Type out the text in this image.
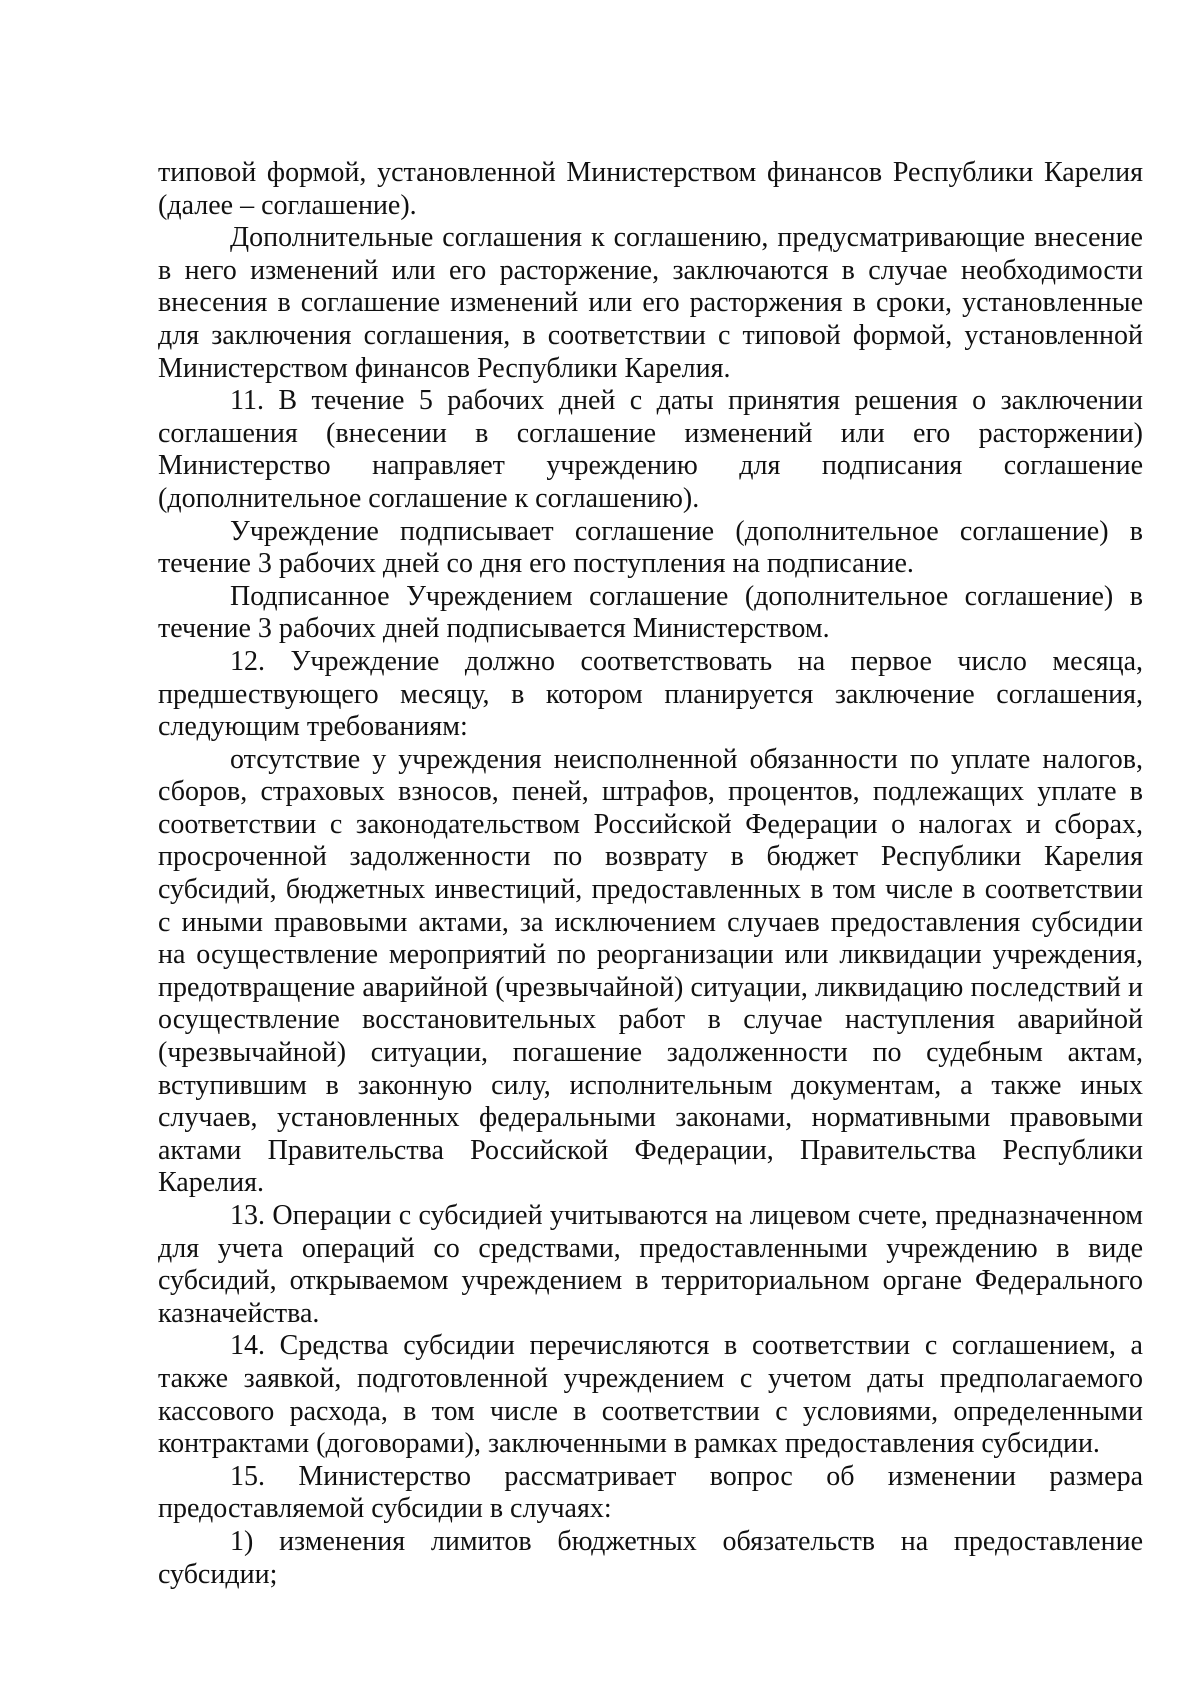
типовой формой, установленной Министерством финансов Республики Карелия (далее – соглашение).

Дополнительные соглашения к соглашению, предусматривающие внесение в него изменений или его расторжение, заключаются в случае необходимости внесения в соглашение изменений или его расторжения в сроки, установленные для заключения соглашения, в соответствии с типовой формой, установленной Министерством финансов Республики Карелия.

11. В течение 5 рабочих дней с даты принятия решения о заключении соглашения (внесении в соглашение изменений или его расторжении) Министерство направляет учреждению для подписания соглашение (дополнительное соглашение к соглашению).

Учреждение подписывает соглашение (дополнительное соглашение) в течение 3 рабочих дней со дня его поступления на подписание.

Подписанное Учреждением соглашение (дополнительное соглашение) в течение 3 рабочих дней подписывается Министерством.

12. Учреждение должно соответствовать на первое число месяца, предшествующего месяцу, в котором планируется заключение соглашения, следующим требованиям:

отсутствие у учреждения неисполненной обязанности по уплате налогов, сборов, страховых взносов, пеней, штрафов, процентов, подлежащих уплате в соответствии с законодательством Российской Федерации о налогах и сборах, просроченной задолженности по возврату в бюджет Республики Карелия субсидий, бюджетных инвестиций, предоставленных в том числе в соответствии с иными правовыми актами, за исключением случаев предоставления субсидии на осуществление мероприятий по реорганизации или ликвидации учреждения, предотвращение аварийной (чрезвычайной) ситуации, ликвидацию последствий и осуществление восстановительных работ в случае наступления аварийной (чрезвычайной) ситуации, погашение задолженности по судебным актам, вступившим в законную силу, исполнительным документам, а также иных случаев, установленных федеральными законами, нормативными правовыми актами Правительства Российской Федерации, Правительства Республики Карелия.

13. Операции с субсидией учитываются на лицевом счете, предназначенном для учета операций со средствами, предоставленными учреждению в виде субсидий, открываемом учреждением в территориальном органе Федерального казначейства.

14. Средства субсидии перечисляются в соответствии с соглашением, а также заявкой, подготовленной учреждением с учетом даты предполагаемого кассового расхода, в том числе в соответствии с условиями, определенными контрактами (договорами), заключенными в рамках предоставления субсидии.

15. Министерство рассматривает вопрос об изменении размера предоставляемой субсидии в случаях:

1) изменения лимитов бюджетных обязательств на предоставление субсидии;
